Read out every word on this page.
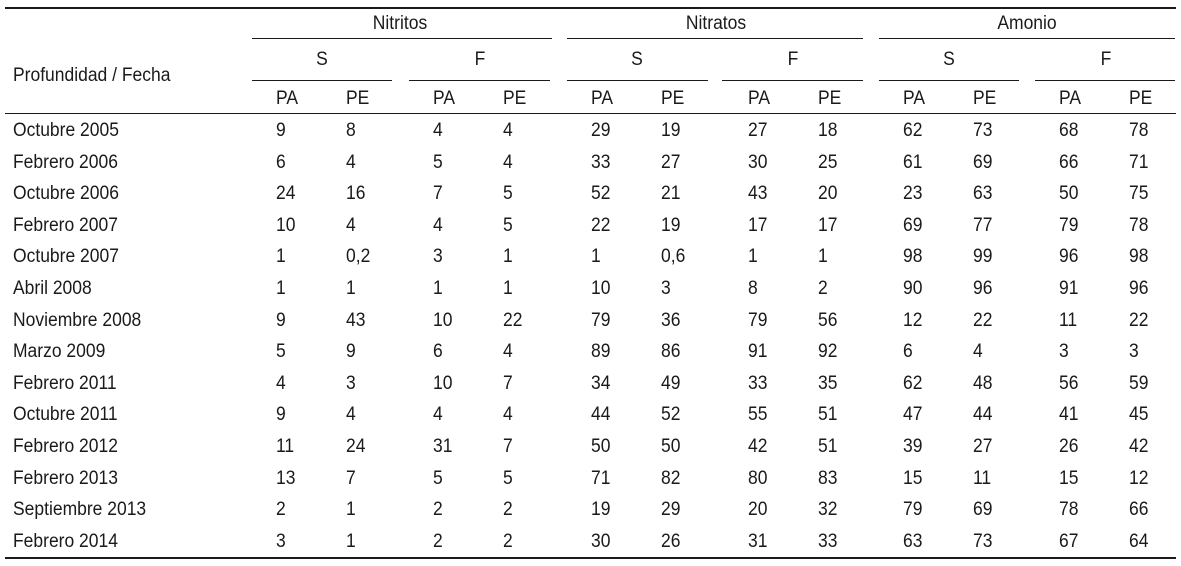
Nitritos	Nitratos	Amonio
S	F	S	F	S	F
Profundidad / Fecha
PA	PE	PA	PE	PA	PE	PA	PE	PA	PE	PA	PE
Octubre 2005	9	8	4	4	29	19	27	18	62	73	68	78
Febrero 2006	6	4	5	4	33	27	30	25	61	69	66	71
Octubre 2006	24	16	7	5	52	21	43	20	23	63	50	75
Febrero 2007	10	4	4	5	22	19	17	17	69	77	79	78
Octubre 2007	1	0,2	3	1	1	0,6	1	1	98	99	96	98
Abril 2008	1	1	1	1	10	3	8	2	90	96	91	96
Noviembre 2008	9	43	10	22	79	36	79	56	12	22	11	22
Marzo 2009	5	9	6	4	89	86	91	92	6	4	3	3
Febrero 2011	4	3	10	7	34	49	33	35	62	48	56	59
Octubre 2011	9	4	4	4	44	52	55	51	47	44	41	45
Febrero 2012	11	24	31	7	50	50	42	51	39	27	26	42
Febrero 2013	13	7	5	5	71	82	80	83	15	11	15	12
Septiembre 2013	2	1	2	2	19	29	20	32	79	69	78	66
Febrero 2014	3	1	2	2	30	26	31	33	63	73	67	64
